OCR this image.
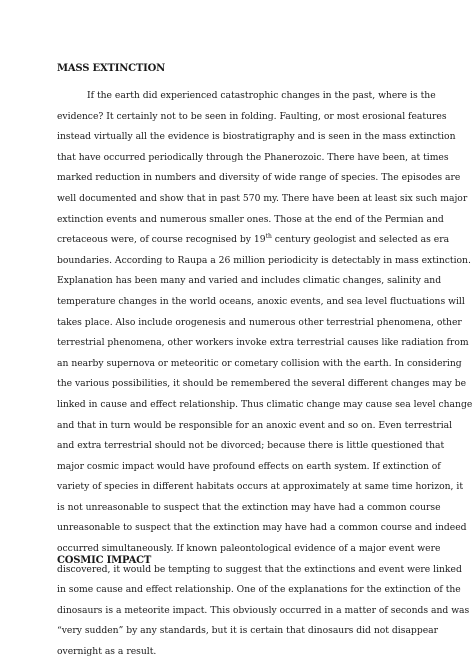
MASS EXTINCTION
If the earth did experienced catastrophic changes in the past, where is the
evidence? It certainly not to be seen in folding. Faulting, or most erosional features
instead virtually all the evidence is biostratigraphy and is seen in the mass extinction
that have occurred periodically through the Phanerozoic. There have been, at times
marked reduction in numbers and diversity of wide range of species. The episodes are
well documented and show that in past 570 my. There have been at least six such major
extinction events and numerous smaller ones. Those at the end of the Permian and
cretaceous were, of course recognised by 19th century geologist and selected as era
boundaries. According to Raupa a 26 million periodicity is detectably in mass extinction.
Explanation has been many and varied and includes climatic changes, salinity and
temperature changes in the world oceans, anoxic events, and sea level fluctuations will
takes place. Also include orogenesis and numerous other terrestrial phenomena, other
terrestrial phenomena, other workers invoke extra terrestrial causes like radiation from
an nearby supernova or meteoritic or cometary collision with the earth. In considering
the various possibilities, it should be remembered the several different changes may be
linked in cause and effect relationship. Thus climatic change may cause sea level change
and that in turn would be responsible for an anoxic event and so on. Even terrestrial
and extra terrestrial should not be divorced; because there is little questioned that
major cosmic impact would have profound effects on earth system. If extinction of
variety of species in different habitats occurs at approximately at same time horizon, it
is not unreasonable to suspect that the extinction may have had a common course
unreasonable to suspect that the extinction may have had a common course and indeed
occurred simultaneously. If known paleontological evidence of a major event were
discovered, it would be tempting to suggest that the extinctions and event were linked
in some cause and effect relationship. One of the explanations for the extinction of the
dinosaurs is a meteorite impact. This obviously occurred in a matter of seconds and was
“very sudden” by any standards, but it is certain that dinosaurs did not disappear
overnight as a result.
COSMIC IMPACT
